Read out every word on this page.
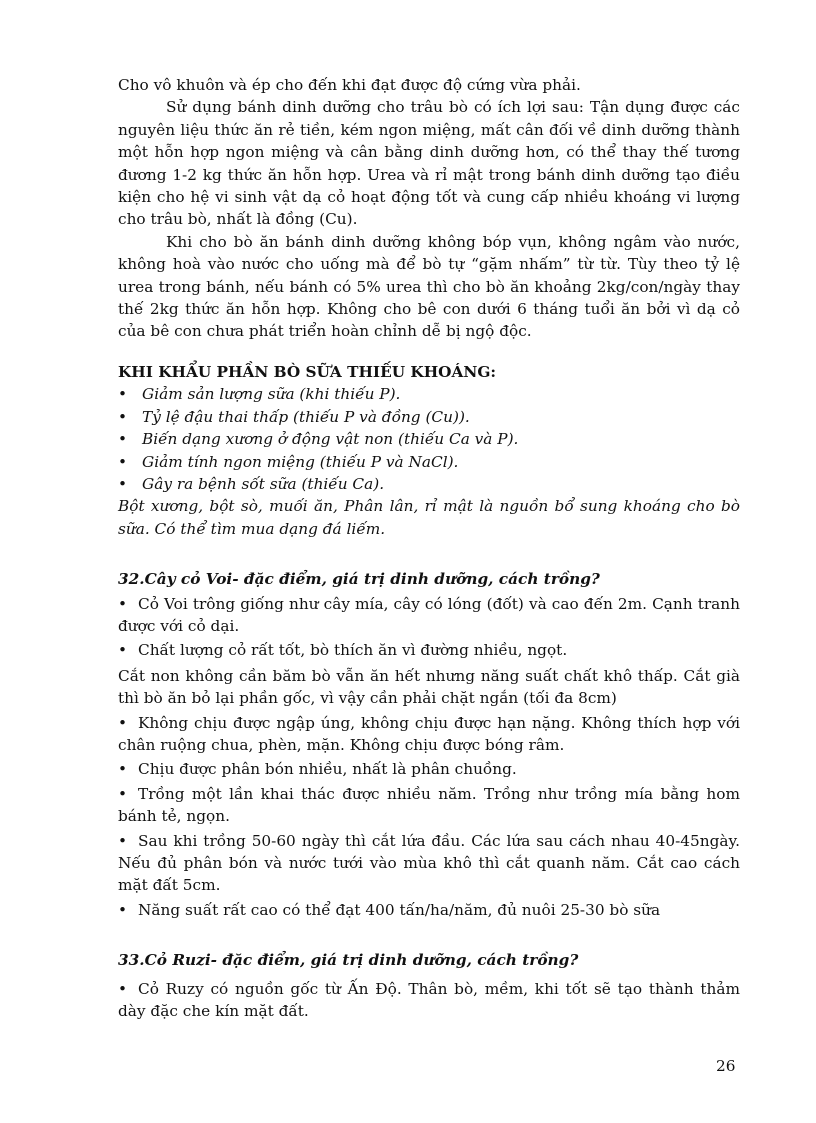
Cho vô khuôn và ép cho đến khi đạt được độ cứng vừa phải.

Sử dụng bánh dinh dưỡng cho trâu bò có ích lợi sau: Tận dụng được các nguyên liệu thức ăn rẻ tiền, kém ngon miệng, mất cân đối về dinh dưỡng thành một hỗn hợp ngon miệng và cân bằng dinh dưỡng hơn, có thể thay thế tương đương 1-2 kg thức ăn hỗn hợp. Urea và rỉ mật trong bánh dinh dưỡng tạo điều kiện cho hệ vi sinh vật dạ cỏ hoạt động tốt và cung cấp nhiều khoáng vi lượng cho trâu bò, nhất là đồng (Cu).

Khi cho bò ăn bánh dinh dưỡng không bóp vụn, không ngâm vào nước, không hoà vào nước cho uống mà để bò tự “gặm nhấm” từ từ. Tùy theo tỷ lệ urea trong bánh, nếu bánh có 5% urea thì cho bò ăn khoảng 2kg/con/ngày thay thế 2kg thức ăn hỗn hợp. Không cho bê con dưới 6 tháng tuổi ăn bởi vì dạ cỏ của bê con chưa phát triển hoàn chỉnh dễ bị ngộ độc.

KHI KHẨU PHẦN BÒ SỮA THIẾU KHOÁNG:

• Giảm sản lượng sữa (khi thiếu P).
• Tỷ lệ đậu thai thấp (thiếu P và đồng (Cu)).
• Biến dạng xương ở động vật non (thiếu Ca và P).
• Giảm tính ngon miệng (thiếu P và NaCl).
• Gây ra bệnh sốt sữa (thiếu Ca).

Bột xương, bột sò, muối ăn, Phân lân, rỉ mật là nguồn bổ sung khoáng cho bò sữa. Có thể tìm mua dạng đá liếm.

32.Cây cỏ Voi- đặc điểm, giá trị dinh dưỡng, cách trồng?

• Cỏ Voi trông giống như cây mía, cây có lóng (đốt) và cao đến 2m. Cạnh tranh được với cỏ dại.

• Chất lượng cỏ rất tốt, bò thích ăn vì đường nhiều, ngọt.

Cắt non không cần băm bò vẫn ăn hết nhưng năng suất chất khô thấp. Cắt già thì bò ăn bỏ lại phần gốc, vì vậy cần phải chặt ngắn (tối đa 8cm)

• Không chịu được ngập úng, không chịu được hạn nặng. Không thích hợp với chân ruộng chua, phèn, mặn. Không chịu được bóng râm.

• Chịu được phân bón nhiều, nhất là phân chuồng.

• Trồng một lần khai thác được nhiều năm. Trồng như trồng mía bằng hom bánh tẻ, ngọn.

• Sau khi trồng 50-60 ngày thì cắt lứa đầu. Các lứa sau cách nhau 40-45ngày. Nếu đủ phân bón và nước tưới vào mùa khô thì cắt quanh năm. Cắt cao cách mặt đất 5cm.

• Năng suất rất cao có thể đạt 400 tấn/ha/năm, đủ nuôi 25-30 bò sữa

33.Cỏ Ruzi- đặc điểm, giá trị dinh dưỡng, cách trồng?

• Cỏ Ruzy có nguồn gốc từ Ấn Độ. Thân bò, mềm, khi tốt sẽ tạo thành thảm dày đặc che kín mặt đất.

26
